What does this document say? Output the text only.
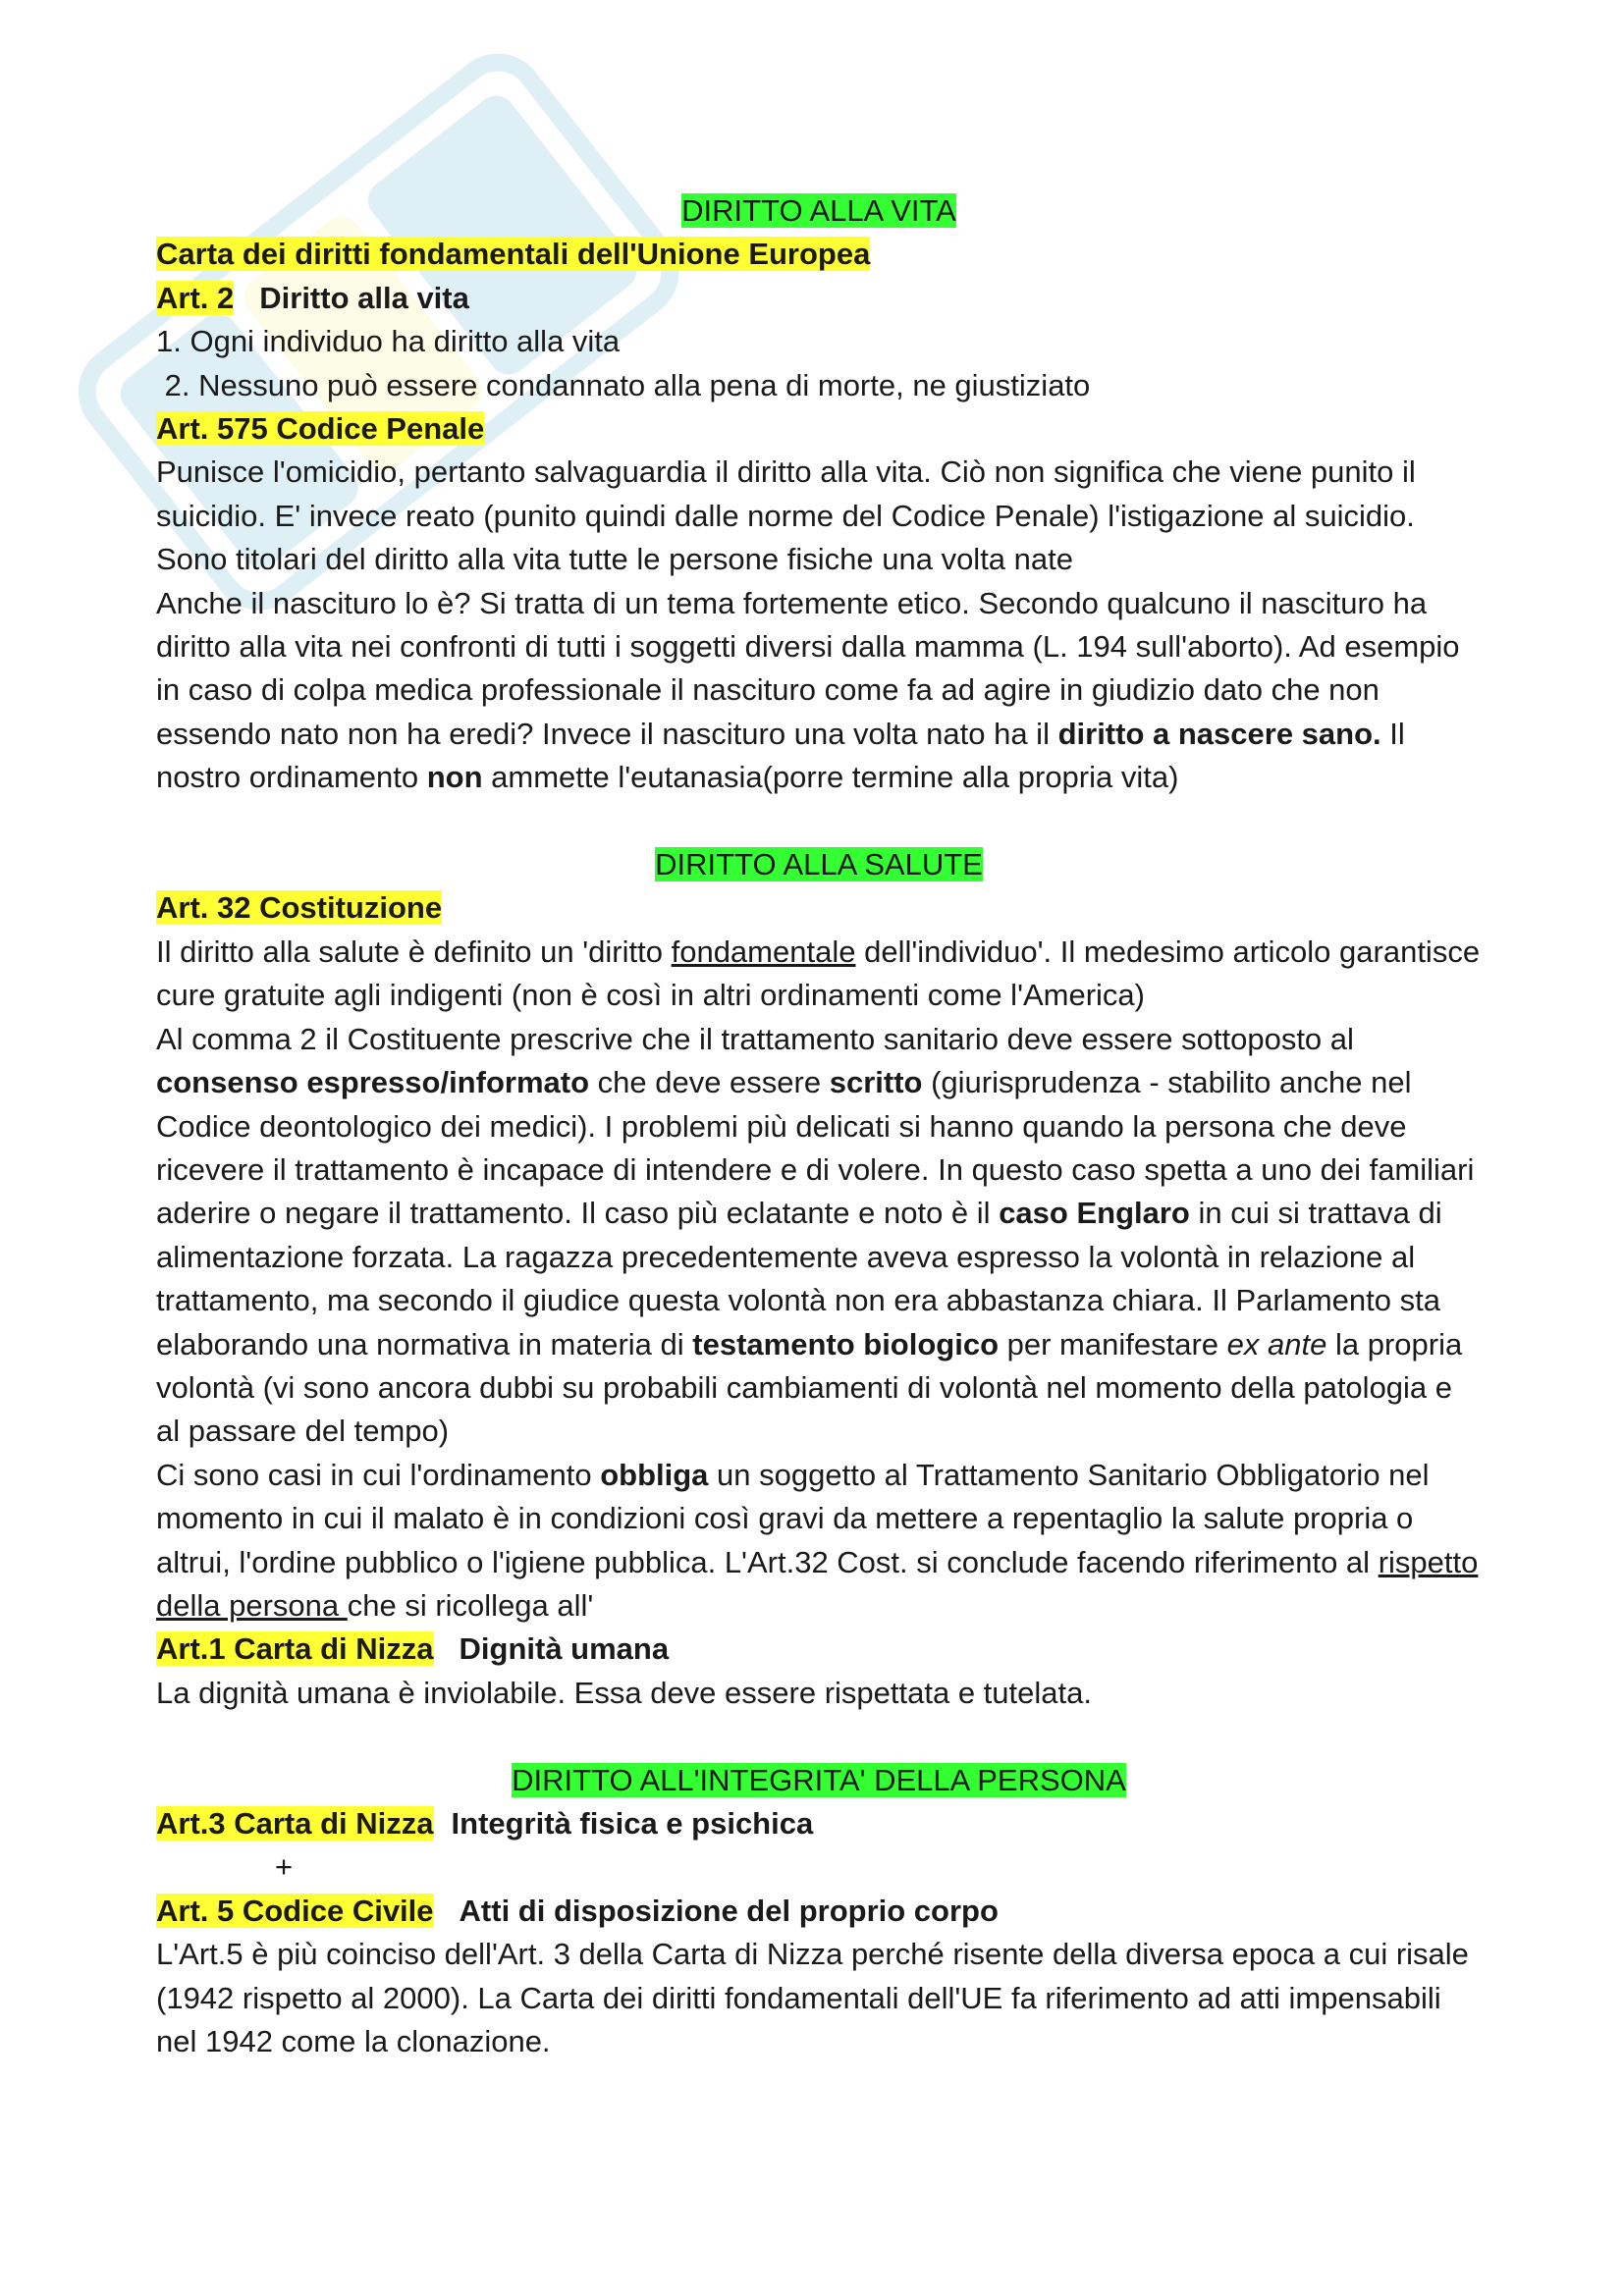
DIRITTO ALLA VITA

Carta dei diritti fondamentali dell'Unione Europea

Art. 2 Diritto alla vita

1. Ogni individuo ha diritto alla vita

2. Nessuno può essere condannato alla pena di morte, ne giustiziato

Art. 575 Codice Penale

Punisce l'omicidio, pertanto salvaguardia il diritto alla vita. Ciò non significa che viene punito il suicidio. E' invece reato (punito quindi dalle norme del Codice Penale) l'istigazione al suicidio.

Sono titolari del diritto alla vita tutte le persone fisiche una volta nate

Anche il nascituro lo è? Si tratta di un tema fortemente etico. Secondo qualcuno il nascituro ha diritto alla vita nei confronti di tutti i soggetti diversi dalla mamma (L. 194 sull'aborto). Ad esempio in caso di colpa medica professionale il nascituro come fa ad agire in giudizio dato che non essendo nato non ha eredi? Invece il nascituro una volta nato ha il diritto a nascere sano. Il nostro ordinamento non ammette l'eutanasia(porre termine alla propria vita)

DIRITTO ALLA SALUTE

Art. 32 Costituzione

Il diritto alla salute è definito un 'diritto fondamentale dell'individuo'. Il medesimo articolo garantisce cure gratuite agli indigenti (non è così in altri ordinamenti come l'America)

Al comma 2 il Costituente prescrive che il trattamento sanitario deve essere sottoposto al consenso espresso/informato che deve essere scritto (giurisprudenza - stabilito anche nel Codice deontologico dei medici). I problemi più delicati si hanno quando la persona che deve ricevere il trattamento è incapace di intendere e di volere. In questo caso spetta a uno dei familiari aderire o negare il trattamento. Il caso più eclatante e noto è il caso Englaro in cui si trattava di alimentazione forzata. La ragazza precedentemente aveva espresso la volontà in relazione al trattamento, ma secondo il giudice questa volontà non era abbastanza chiara. Il Parlamento sta elaborando una normativa in materia di testamento biologico per manifestare ex ante la propria volontà (vi sono ancora dubbi su probabili cambiamenti di volontà nel momento della patologia e al passare del tempo)

Ci sono casi in cui l'ordinamento obbliga un soggetto al Trattamento Sanitario Obbligatorio nel momento in cui il malato è in condizioni così gravi da mettere a repentaglio la salute propria o altrui, l'ordine pubblico o l'igiene pubblica. L'Art.32 Cost. si conclude facendo riferimento al rispetto della persona che si ricollega all'

Art.1 Carta di Nizza Dignità umana

La dignità umana è inviolabile. Essa deve essere rispettata e tutelata.

DIRITTO ALL'INTEGRITA' DELLA PERSONA

Art.3 Carta di Nizza Integrità fisica e psichica

+

Art. 5 Codice Civile Atti di disposizione del proprio corpo

L'Art.5 è più coinciso dell'Art. 3 della Carta di Nizza perché risente della diversa epoca a cui risale (1942 rispetto al 2000). La Carta dei diritti fondamentali dell'UE fa riferimento ad atti impensabili nel 1942 come la clonazione.
